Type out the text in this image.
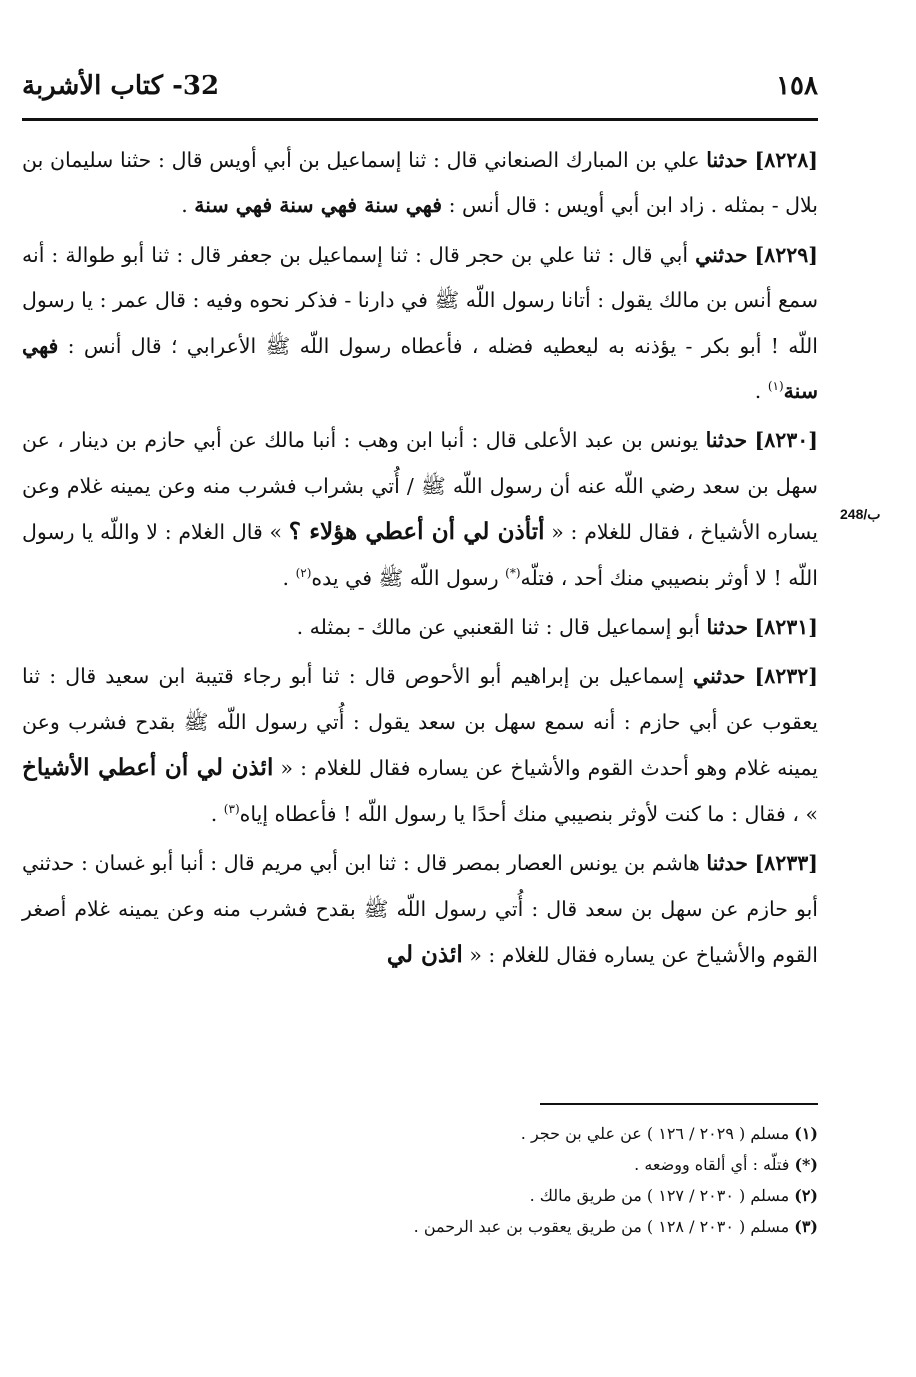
١٥٨
32- كتاب الأشربة

[٨٢٢٨] حدثنا علي بن المبارك الصنعاني قال : ثنا إسماعيل بن أبي أويس قال : حثنا سليمان بن بلال - بمثله . زاد ابن أبي أويس : قال أنس : فهي سنة فهي سنة فهي سنة .

[٨٢٢٩] حدثني أبي قال : ثنا علي بن حجر قال : ثنا إسماعيل بن جعفر قال : ثنا أبو طوالة : أنه سمع أنس بن مالك يقول : أتانا رسول اللّه ﷺ في دارنا - فذكر نحوه وفيه : قال عمر : يا رسول اللّه ! أبو بكر - يؤذنه به ليعطيه فضله ، فأعطاه رسول اللّه ﷺ الأعرابي ؛ قال أنس : فهي سنة$^{(١)}$ .

[٨٢٣٠] حدثنا يونس بن عبد الأعلى قال : أنبا ابن وهب : أنبا مالك عن أبي حازم بن دينار ، عن سهل بن سعد رضي اللّه عنه أن رسول اللّه ﷺ / أُتي بشراب فشرب منه وعن يمينه غلام وعن يساره الأشياخ ، فقال للغلام : « أتأذن لي أن أعطي هؤلاء ؟ » قال الغلام : لا واللّه يا رسول اللّه ! لا أوثر بنصيبي منك أحد ، فتلّه(*) رسول اللّه ﷺ في يده$^{(٢)}$ .

[٨٢٣١] حدثنا أبو إسماعيل قال : ثنا القعنبي عن مالك - بمثله .

[٨٢٣٢] حدثني إسماعيل بن إبراهيم أبو الأحوص قال : ثنا أبو رجاء قتيبة ابن سعيد قال : ثنا يعقوب عن أبي حازم : أنه سمع سهل بن سعد يقول : أُتي رسول اللّه ﷺ بقدح فشرب وعن يمينه غلام وهو أحدث القوم والأشياخ عن يساره فقال للغلام : « ائذن لي أن أعطي الأشياخ » ، فقال : ما كنت لأوثر بنصيبي منك أحدًا يا رسول اللّه ! فأعطاه إياه$^{(٣)}$ .

[٨٢٣٣] حدثنا هاشم بن يونس العصار بمصر قال : ثنا ابن أبي مريم قال : أنبا أبو غسان : حدثني أبو حازم عن سهل بن سعد قال : أُتي رسول اللّه ﷺ بقدح فشرب منه وعن يمينه غلام أصغر القوم والأشياخ عن يساره فقال للغلام : « ائذن لي

(١) مسلم ( ٢٠٢٩ / ١٢٦ ) عن علي بن حجر .
(*) فتلّه : أي ألقاه ووضعه .
(٢) مسلم ( ٢٠٣٠ / ١٢٧ ) من طريق مالك .
(٣) مسلم ( ٢٠٣٠ / ١٢٨ ) من طريق يعقوب بن عبد الرحمن .
248/ب
